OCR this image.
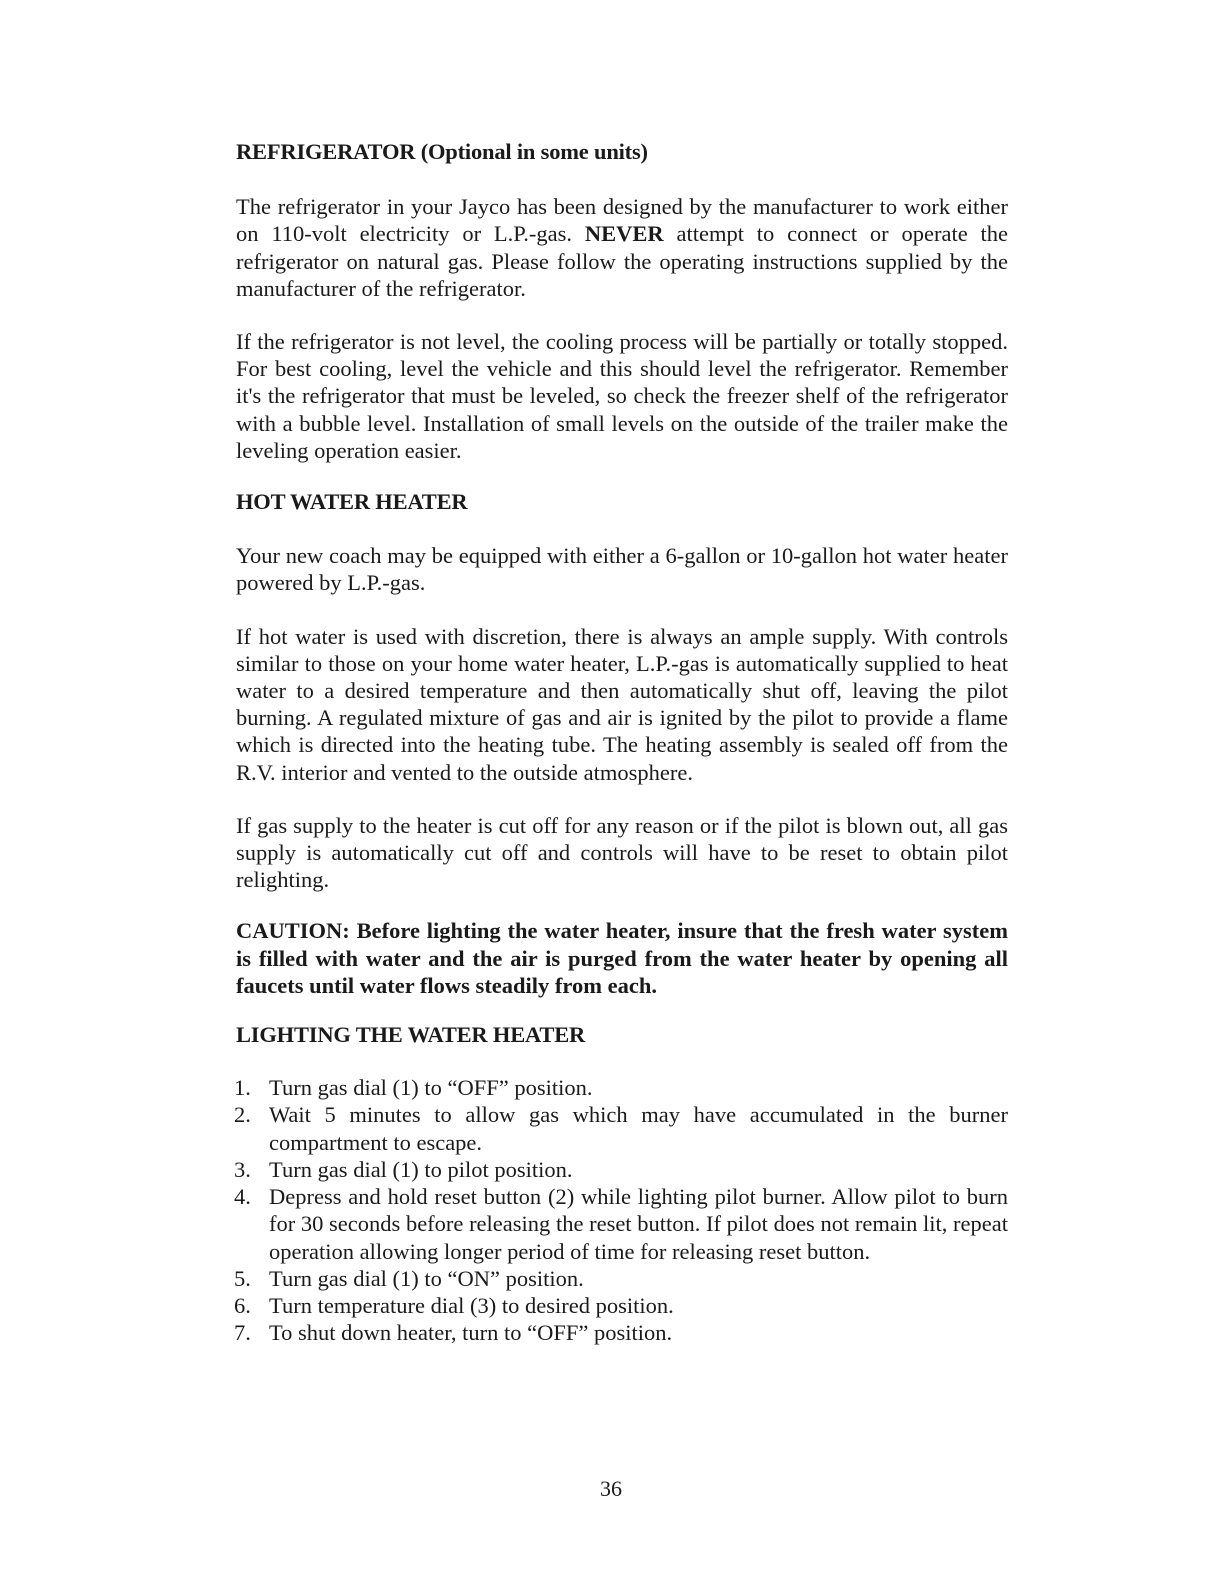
REFRIGERATOR (Optional in some units)

The refrigerator in your Jayco has been designed by the manufacturer to work either on 110-volt electricity or L.P.-gas. NEVER attempt to connect or operate the refrigerator on natural gas. Please follow the operating instructions supplied by the manufacturer of the refrigerator.

If the refrigerator is not level, the cooling process will be partially or totally stopped. For best cooling, level the vehicle and this should level the refrigerator. Remember it's the refrigerator that must be leveled, so check the freezer shelf of the refrigerator with a bubble level. Installation of small levels on the outside of the trailer make the leveling operation easier.

HOT WATER HEATER

Your new coach may be equipped with either a 6-gallon or 10-gallon hot water heater powered by L.P.-gas.

If hot water is used with discretion, there is always an ample supply. With controls similar to those on your home water heater, L.P.-gas is automatically supplied to heat water to a desired temperature and then automatically shut off, leaving the pilot burning. A regulated mixture of gas and air is ignited by the pilot to provide a flame which is directed into the heating tube. The heating assembly is sealed off from the R.V. interior and vented to the outside atmosphere.

If gas supply to the heater is cut off for any reason or if the pilot is blown out, all gas supply is automatically cut off and controls will have to be reset to obtain pilot relighting.

CAUTION: Before lighting the water heater, insure that the fresh water system is filled with water and the air is purged from the water heater by opening all faucets until water flows steadily from each.

LIGHTING THE WATER HEATER
1. Turn gas dial (1) to “OFF” position.
2. Wait 5 minutes to allow gas which may have accumulated in the burner compartment to escape.
3. Turn gas dial (1) to pilot position.
4. Depress and hold reset button (2) while lighting pilot burner. Allow pilot to burn for 30 seconds before releasing the reset button. If pilot does not remain lit, repeat operation allowing longer period of time for releasing reset button.
5. Turn gas dial (1) to “ON” position.
6. Turn temperature dial (3) to desired position.
7. To shut down heater, turn to “OFF” position.
36
